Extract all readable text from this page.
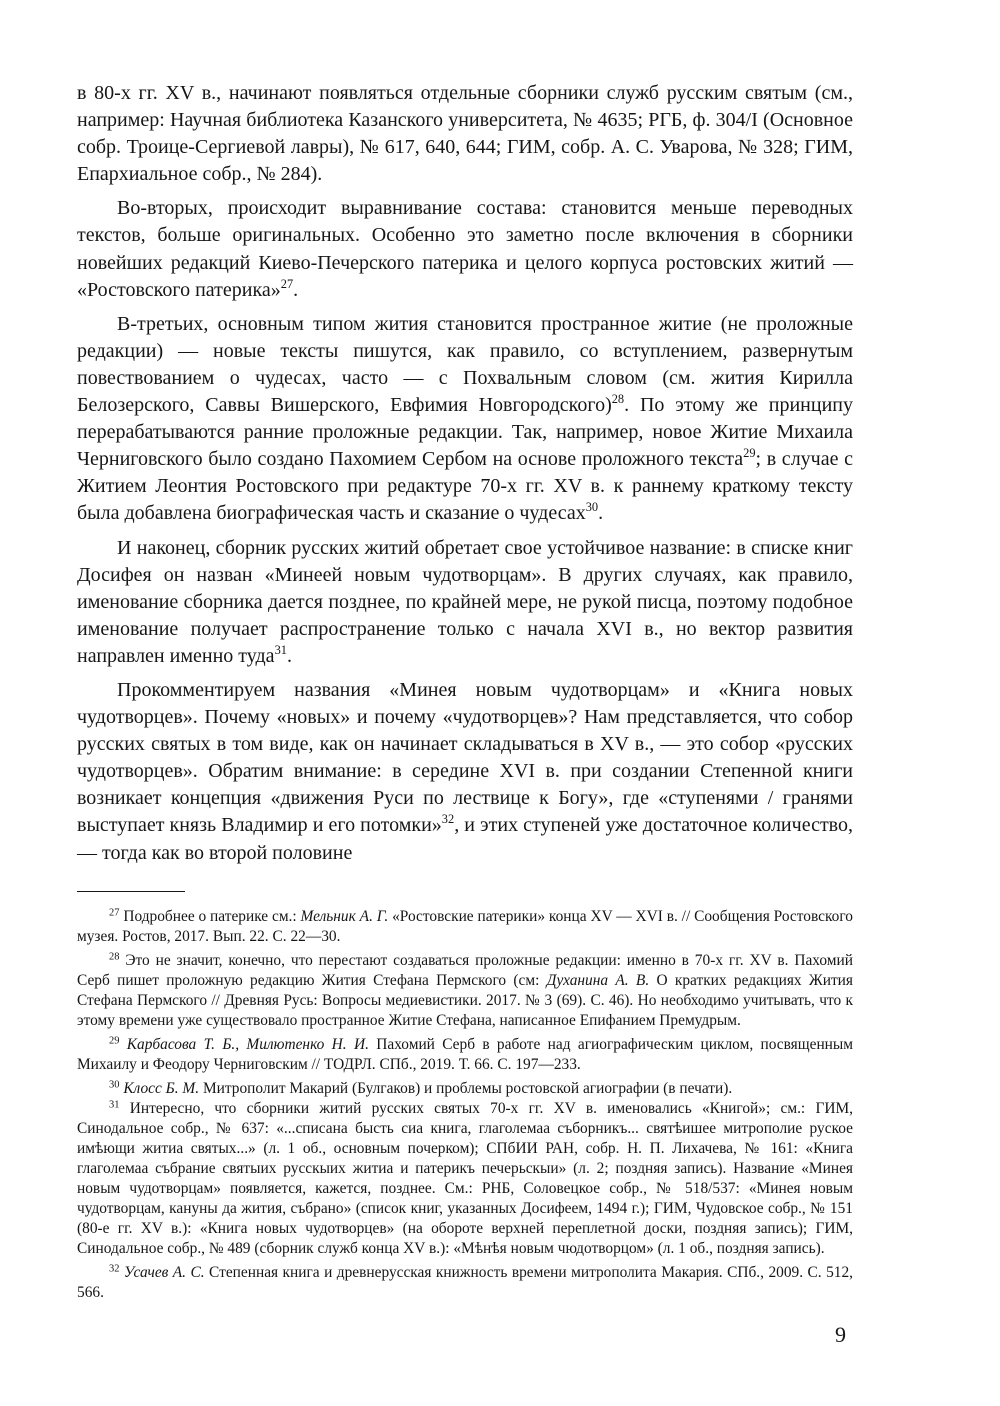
в 80-х гг. XV в., начинают появляться отдельные сборники служб русским святым (см., например: Научная библиотека Казанского университета, № 4635; РГБ, ф. 304/I (Основное собр. Троице-Сергиевой лавры), № 617, 640, 644; ГИМ, собр. А. С. Уварова, № 328; ГИМ, Епархиальное собр., № 284).

Во-вторых, происходит выравнивание состава: становится меньше переводных текстов, больше оригинальных. Особенно это заметно после включения в сборники новейших редакций Киево-Печерского патерика и целого корпуса ростовских житий — «Ростовского патерика»$^{27}$.

В-третьих, основным типом жития становится пространное житие (не проложные редакции) — новые тексты пишутся, как правило, со вступлением, развернутым повествованием о чудесах, часто — с Похвальным словом (см. жития Кирилла Белозерского, Саввы Вишерского, Евфимия Новгородского)$^{28}$. По этому же принципу перерабатываются ранние проложные редакции. Так, например, новое Житие Михаила Черниговского было создано Пахомием Сербом на основе проложного текста$^{29}$; в случае с Житием Леонтия Ростовского при редактуре 70-х гг. XV в. к раннему краткому тексту была добавлена биографическая часть и сказание о чудесах$^{30}$.

И наконец, сборник русских житий обретает свое устойчивое название: в списке книг Досифея он назван «Минеей новым чудотворцам». В других случаях, как правило, именование сборника дается позднее, по крайней мере, не рукой писца, поэтому подобное именование получает распространение только с начала XVI в., но вектор развития направлен именно туда$^{31}$.

Прокомментируем названия «Минея новым чудотворцам» и «Книга новых чудотворцев». Почему «новых» и почему «чудотворцев»? Нам представляется, что собор русских святых в том виде, как он начинает складываться в XV в., — это собор «русских чудотворцев». Обратим внимание: в середине XVI в. при создании Степенной книги возникает концепция «движения Руси по лествице к Богу», где «ступенями / гранями выступает князь Владимир и его потомки»$^{32}$, и этих ступеней уже достаточное количество, — тогда как во второй половине

$^{27}$ Подробнее о патерике см.: Мельник А. Г. «Ростовские патерики» конца XV — XVI в. // Сообщения Ростовского музея. Ростов, 2017. Вып. 22. С. 22—30.

$^{28}$ Это не значит, конечно, что перестают создаваться проложные редакции: именно в 70-х гг. XV в. Пахомий Серб пишет проложную редакцию Жития Стефана Пермского (см: Духанина А. В. О кратких редакциях Жития Стефана Пермского // Древняя Русь: Вопросы медиевистики. 2017. № 3 (69). С. 46). Но необходимо учитывать, что к этому времени уже существовало пространное Житие Стефана, написанное Епифанием Премудрым.

$^{29}$ Карбасова Т. Б., Милютенко Н. И. Пахомий Серб в работе над агиографическим циклом, посвященным Михаилу и Феодору Черниговским // ТОДРЛ. СПб., 2019. Т. 66. С. 197—233.

$^{30}$ Клосс Б. М. Митрополит Макарий (Булгаков) и проблемы ростовской агиографии (в печати).

$^{31}$ Интересно, что сборники житий русских святых 70-х гг. XV в. именовались «Книгой»; см.: ГИМ, Синодальное собр., № 637: «...списана бысть сиа книга, глаголемаа съборникъ... святѣишее митрополие руское имѣющи житиа святых...» (л. 1 об., основным почерком); СПбИИ РАН, собр. Н. П. Лихачева, № 161: «Книга глаголемаа събрание святыих русскыих житиа и патерикъ печерьскыи» (л. 2; поздняя запись). Название «Минея новым чудотворцам» появляется, кажется, позднее. См.: РНБ, Соловецкое собр., № 518/537: «Минея новым чудотворцам, кануны да жития, събрано» (список книг, указанных Досифеем, 1494 г.); ГИМ, Чудовское собр., № 151 (80-е гг. XV в.): «Книга новых чудотворцев» (на обороте верхней переплетной доски, поздняя запись); ГИМ, Синодальное собр., № 489 (сборник служб конца XV в.): «Мѣнѣя новым чюдотворцом» (л. 1 об., поздняя запись).

$^{32}$ Усачев А. С. Степенная книга и древнерусская книжность времени митрополита Макария. СПб., 2009. С. 512, 566.

9
